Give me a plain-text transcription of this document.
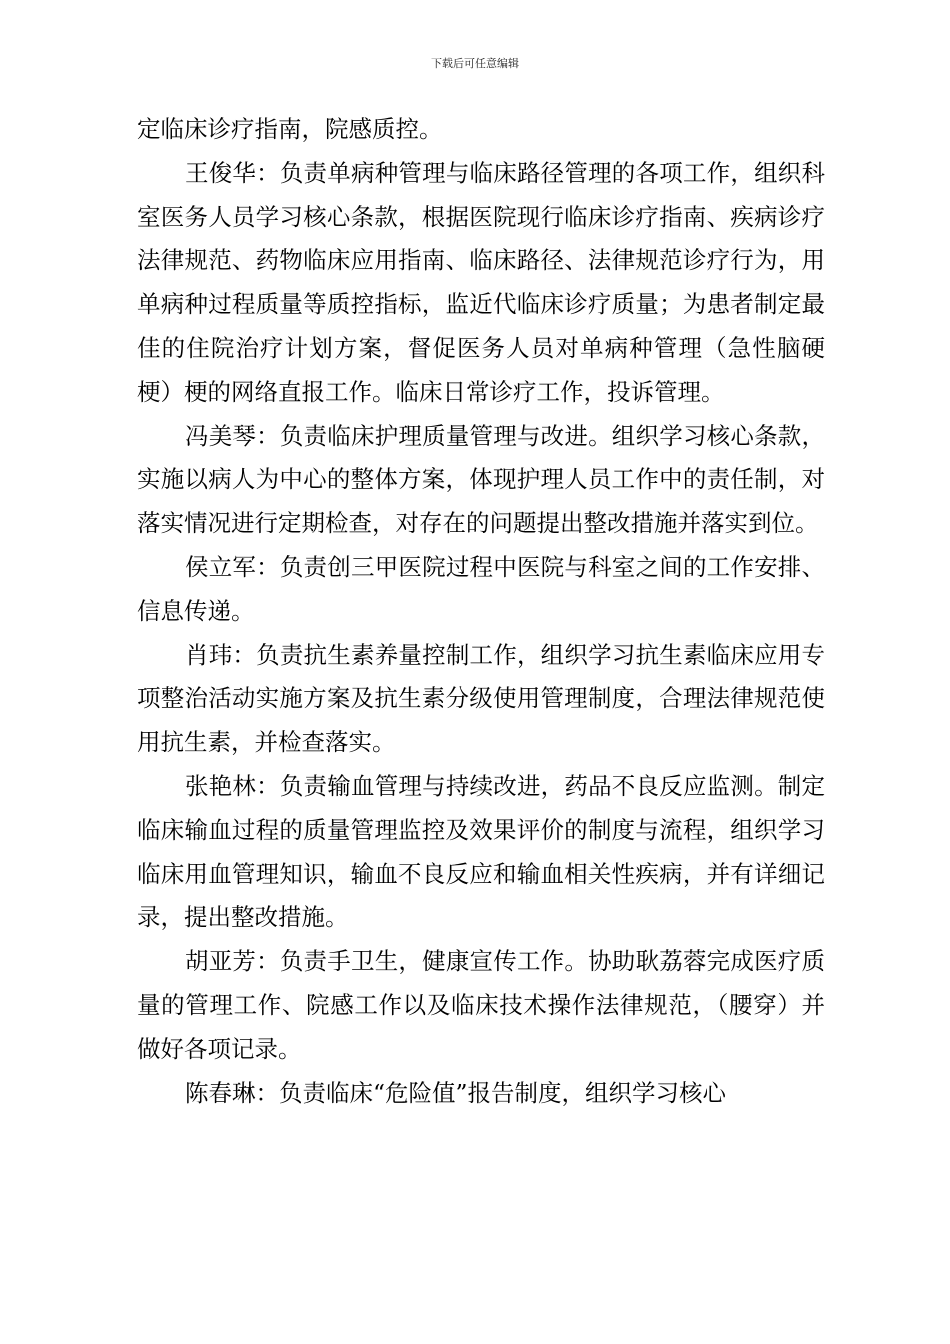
下载后可任意编辑

定临床诊疗指南，院感质控。

王俊华：负责单病种管理与临床路径管理的各项工作，组织科室医务人员学习核心条款，根据医院现行临床诊疗指南、疾病诊疗法律规范、药物临床应用指南、临床路径、法律规范诊疗行为，用单病种过程质量等质控指标，监近代临床诊疗质量；为患者制定最佳的住院治疗计划方案，督促医务人员对单病种管理（急性脑硬梗）梗的网络直报工作。临床日常诊疗工作，投诉管理。

冯美琴：负责临床护理质量管理与改进。组织学习核心条款，实施以病人为中心的整体方案，体现护理人员工作中的责任制，对落实情况进行定期检查，对存在的问题提出整改措施并落实到位。

侯立军：负责创三甲医院过程中医院与科室之间的工作安排、信息传递。

肖玮：负责抗生素养量控制工作，组织学习抗生素临床应用专项整治活动实施方案及抗生素分级使用管理制度，合理法律规范使用抗生素，并检查落实。

张艳林：负责输血管理与持续改进，药品不良反应监测。制定临床输血过程的质量管理监控及效果评价的制度与流程，组织学习临床用血管理知识，输血不良反应和输血相关性疾病，并有详细记录，提出整改措施。

胡亚芳：负责手卫生，健康宣传工作。协助耿荔蓉完成医疗质量的管理工作、院感工作以及临床技术操作法律规范，（腰穿）并做好各项记录。

陈春琳：负责临床“危险值”报告制度，组织学习核心
